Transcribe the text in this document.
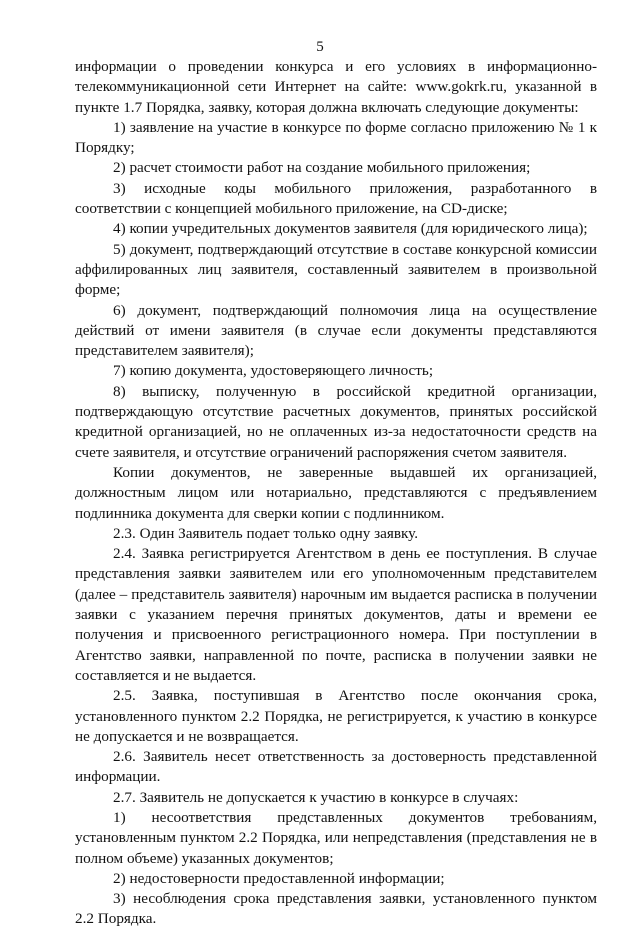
5

информации о проведении конкурса и его условиях в информационно-телекоммуникационной сети Интернет на сайте: www.gokrk.ru, указанной в пункте 1.7 Порядка, заявку, которая должна включать следующие документы:

1) заявление на участие в конкурсе по форме согласно приложению № 1 к Порядку;

2) расчет стоимости работ на создание мобильного приложения;

3) исходные коды мобильного приложения, разработанного в соответствии с концепцией мобильного приложение, на CD-диске;

4) копии учредительных документов заявителя (для юридического лица);

5) документ, подтверждающий отсутствие в составе конкурсной комиссии аффилированных лиц заявителя, составленный заявителем в произвольной форме;

6) документ, подтверждающий полномочия лица на осуществление действий от имени заявителя (в случае если документы представляются представителем заявителя);

7) копию документа, удостоверяющего личность;

8) выписку, полученную в российской кредитной организации, подтверждающую отсутствие расчетных документов, принятых российской кредитной организацией, но не оплаченных из-за недостаточности средств на счете заявителя, и отсутствие ограничений распоряжения счетом заявителя.

Копии документов, не заверенные выдавшей их организацией, должностным лицом или нотариально, представляются с предъявлением подлинника документа для сверки копии с подлинником.

2.3. Один Заявитель подает только одну заявку.

2.4. Заявка регистрируется Агентством в день ее поступления. В случае представления заявки заявителем или его уполномоченным представителем (далее – представитель заявителя) нарочным им выдается расписка в получении заявки с указанием перечня принятых документов, даты и времени ее получения и присвоенного регистрационного номера. При поступлении в Агентство заявки, направленной по почте, расписка в получении заявки не составляется и не выдается.

2.5. Заявка, поступившая в Агентство после окончания срока, установленного пунктом 2.2 Порядка, не регистрируется, к участию в конкурсе не допускается и не возвращается.

2.6. Заявитель несет ответственность за достоверность представленной информации.

2.7. Заявитель не допускается к участию в конкурсе в случаях:

1) несоответствия представленных документов требованиям, установленным пунктом 2.2 Порядка, или непредставления (представления не в полном объеме) указанных документов;

2) недостоверности предоставленной информации;

3) несоблюдения срока представления заявки, установленного пунктом 2.2 Порядка.
